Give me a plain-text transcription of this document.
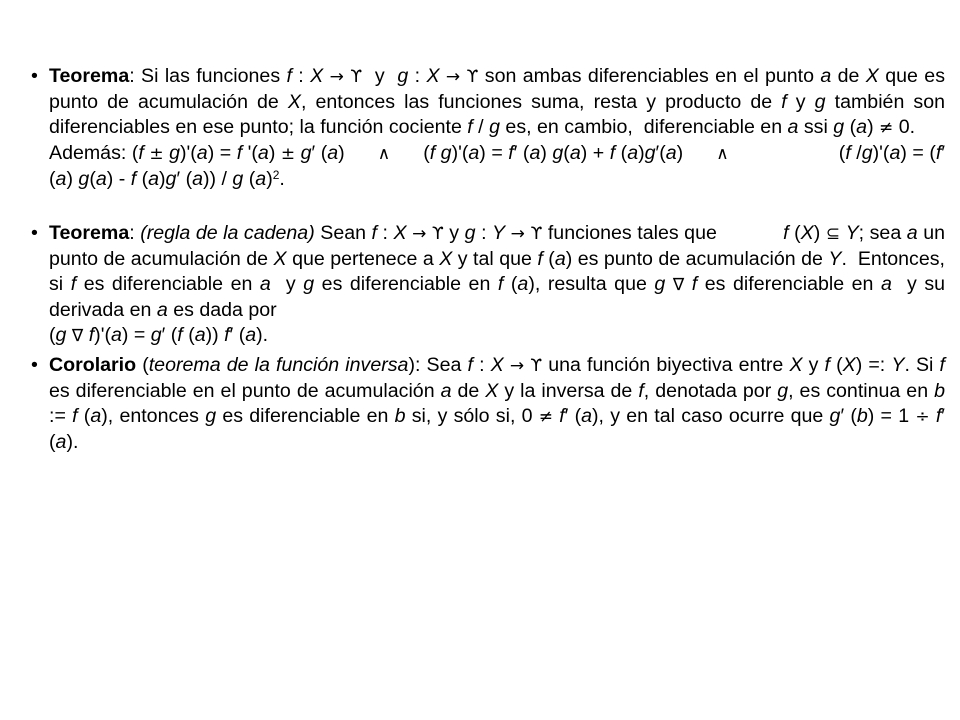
• Teorema: Si las funciones f : X → ϒ  y  g : X → ϒ son ambas diferenciables en el punto a de X que es punto de acumulación de X, entonces las funciones suma, resta y producto de f y g también son diferenciables en ese punto; la función cociente f / g es, en cambio,  diferenciable en a ssi g (a) ≠ 0.
Además: (f ± g)'(a) = f '(a) ± g′ (a)      ∧      (f g)'(a) = f′ (a) g(a) + f (a)g′(a)      ∧                    (f /g)'(a) = (f′ (a) g(a) - f (a)g′ (a)) / g $(a)^2$.
• Teorema: (regla de la cadena) Sean f : X → ϒ y g : Y → ϒ funciones tales que            f (X) ⊆ Y; sea a un punto de acumulación de X que pertenece a X y tal que f (a) es punto de acumulación de Y.  Entonces, si f es diferenciable en a  y g es diferenciable en f (a), resulta que g ∇ f es diferenciable en a  y su derivada en a es dada por
(g ∇ f)'(a) = g′ (f (a)) f′ (a).
• Corolario (teorema de la función inversa): Sea f : X → ϒ una función biyectiva entre X y f (X) =: Y. Si f es diferenciable en el punto de acumulación a de X y la inversa de f, denotada por g, es continua en b := f (a), entonces g es diferenciable en b si, y sólo si, 0 ≠ f′ (a), y en tal caso ocurre que g′ (b) = 1 ÷ f′ (a).
